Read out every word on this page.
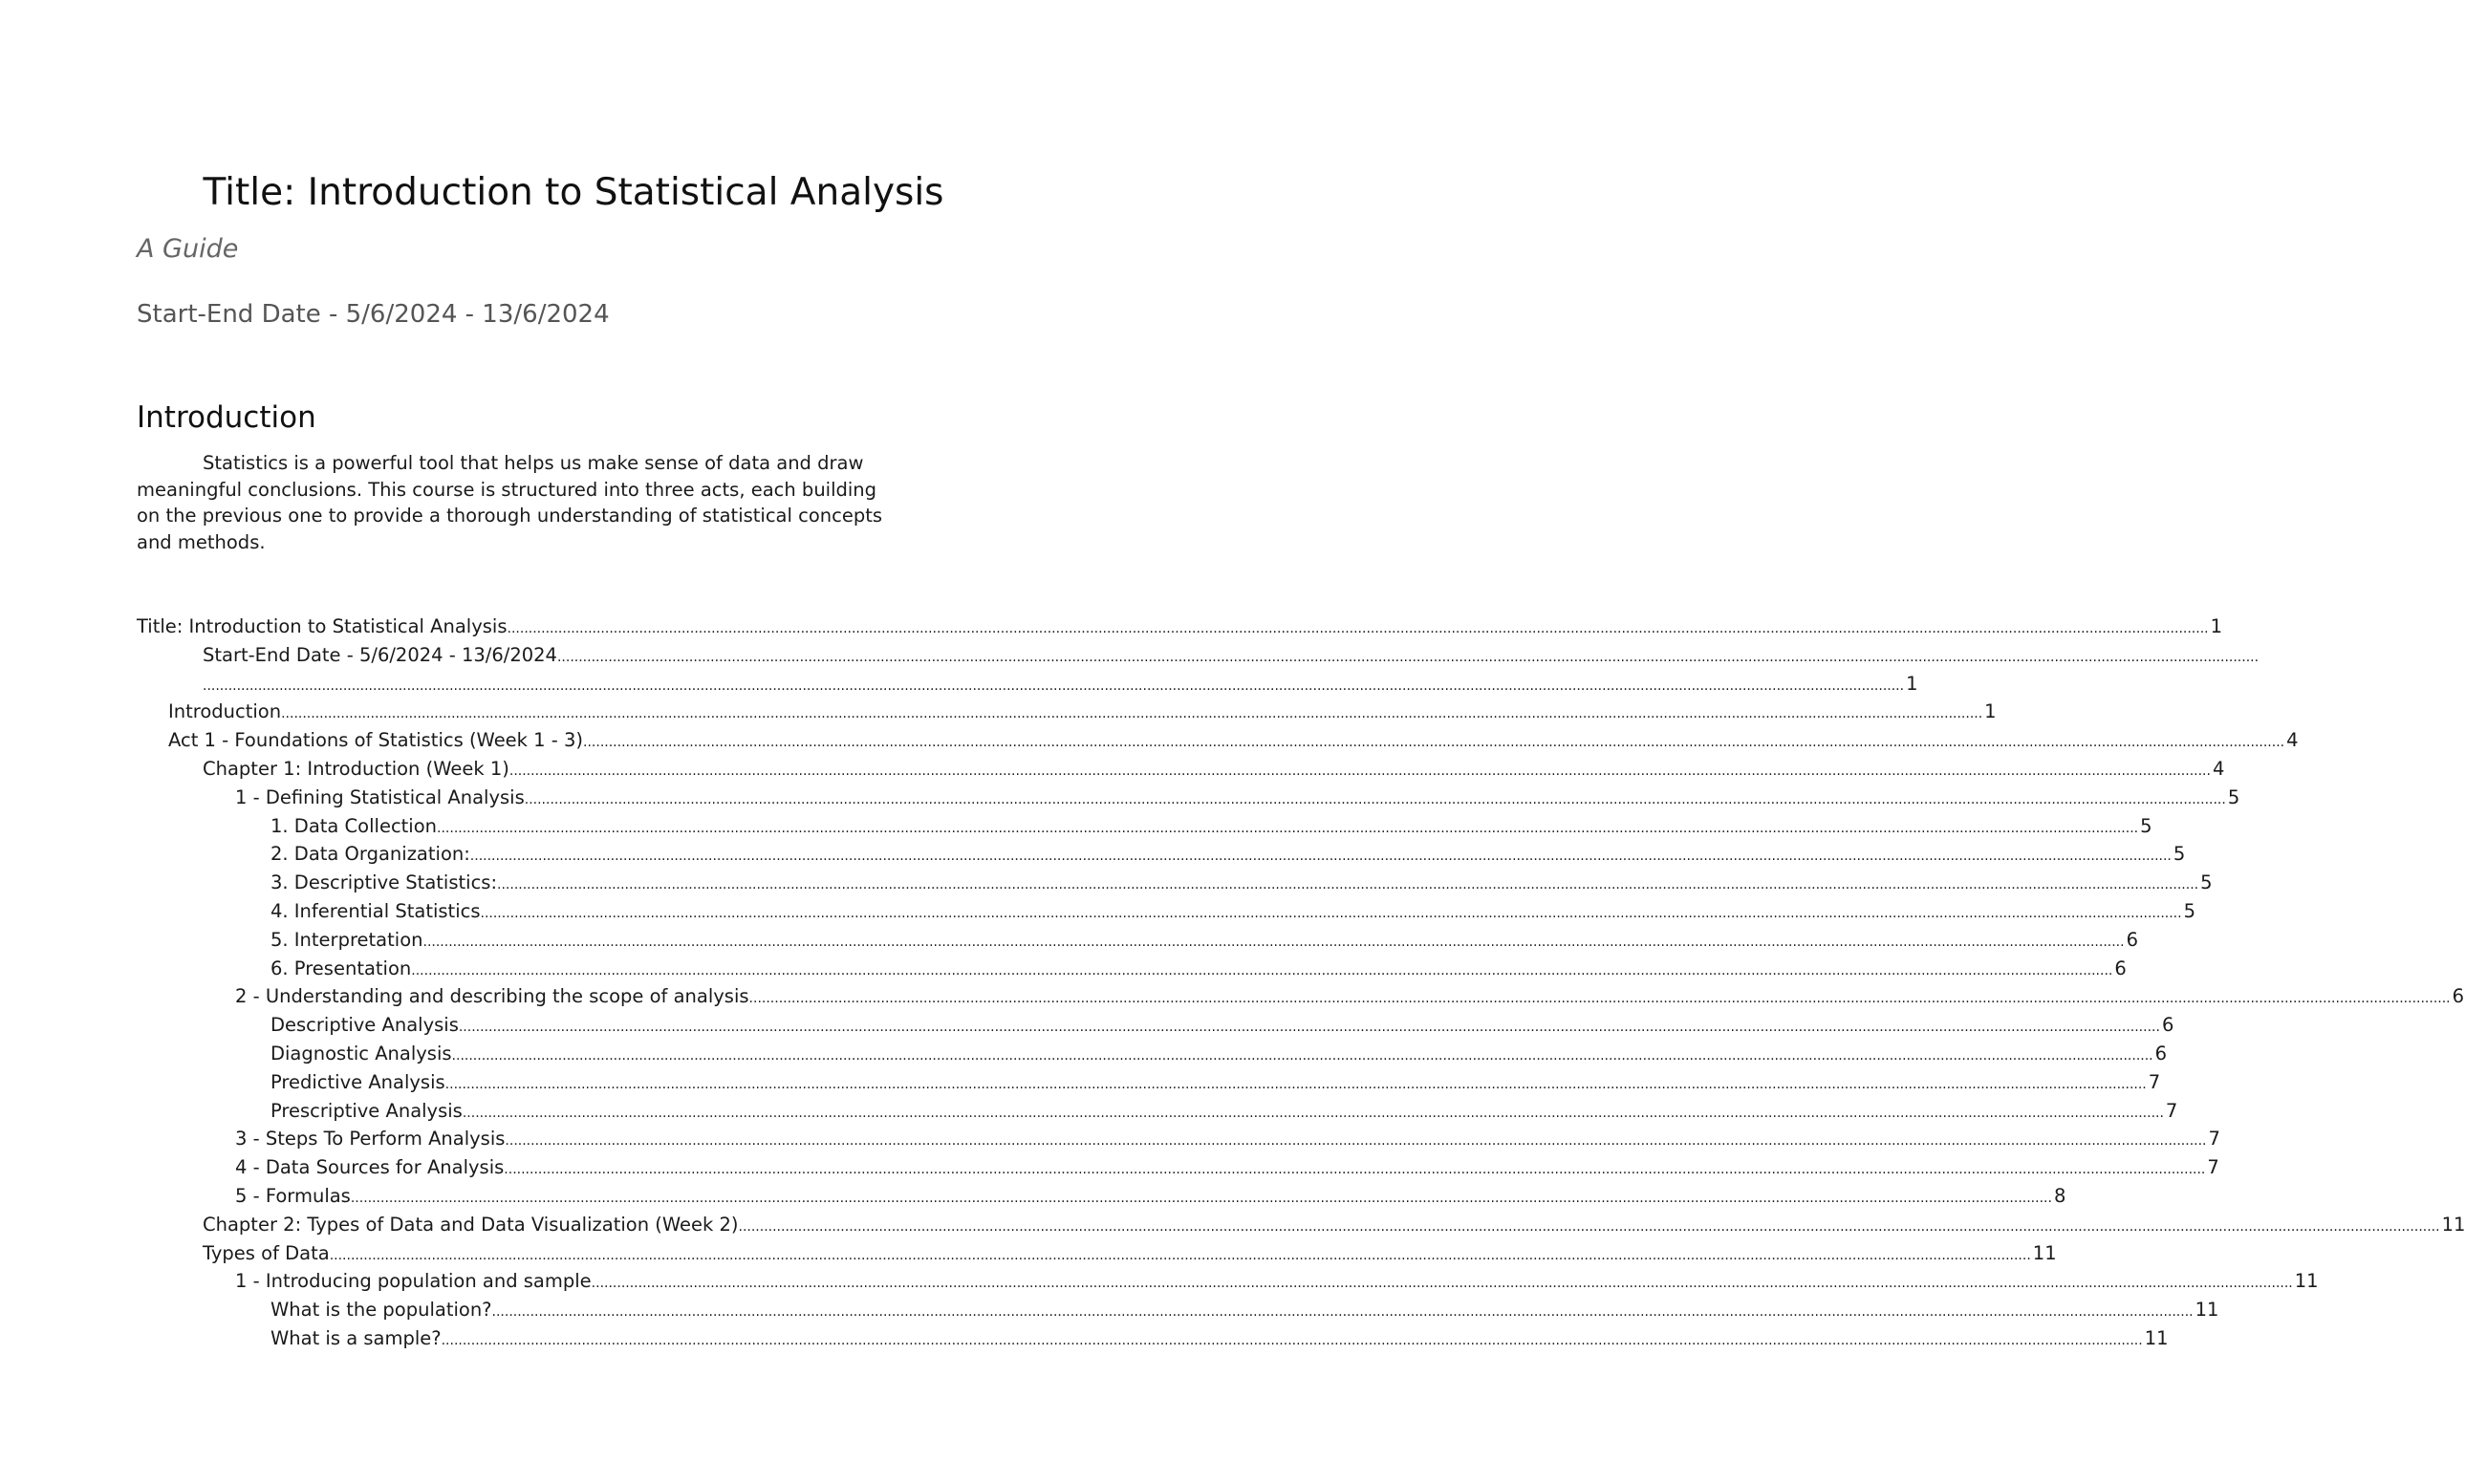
Title: Introduction to Statistical Analysis

A Guide

Start-End Date - 5/6/2024 - 13/6/2024

Introduction

Statistics is a powerful tool that helps us make sense of data and draw
meaningful conclusions. This course is structured into three acts, each building
on the previous one to provide a thorough understanding of statistical concepts
and methods.

Title: Introduction to Statistical Analysis ................................................................................................................................................................................................................................................................................................................................................................................................................ 1
Start-End Date - 5/6/2024 - 13/6/2024 ................................................................................................................................................................................................................................................................................................................................................................................................................
................................................................................................................................................................................................................................................................................................................................................................................................................ 1
Introduction ................................................................................................................................................................................................................................................................................................................................................................................................................ 1
Act 1 - Foundations of Statistics (Week 1 - 3) ................................................................................................................................................................................................................................................................................................................................................................................................................ 4
Chapter 1: Introduction (Week 1) ................................................................................................................................................................................................................................................................................................................................................................................................................ 4
1 - Defining Statistical Analysis ................................................................................................................................................................................................................................................................................................................................................................................................................ 5
1. Data Collection ................................................................................................................................................................................................................................................................................................................................................................................................................ 5
2. Data Organization: ................................................................................................................................................................................................................................................................................................................................................................................................................ 5
3. Descriptive Statistics: ................................................................................................................................................................................................................................................................................................................................................................................................................ 5
4. Inferential Statistics ................................................................................................................................................................................................................................................................................................................................................................................................................ 5
5. Interpretation ................................................................................................................................................................................................................................................................................................................................................................................................................ 6
6. Presentation ................................................................................................................................................................................................................................................................................................................................................................................................................ 6
2 - Understanding and describing the scope of analysis ................................................................................................................................................................................................................................................................................................................................................................................................................ 6
Descriptive Analysis ................................................................................................................................................................................................................................................................................................................................................................................................................ 6
Diagnostic Analysis ................................................................................................................................................................................................................................................................................................................................................................................................................ 6
Predictive Analysis ................................................................................................................................................................................................................................................................................................................................................................................................................ 7
Prescriptive Analysis ................................................................................................................................................................................................................................................................................................................................................................................................................ 7
3 - Steps To Perform Analysis ................................................................................................................................................................................................................................................................................................................................................................................................................ 7
4 - Data Sources for Analysis ................................................................................................................................................................................................................................................................................................................................................................................................................ 7
5 - Formulas ................................................................................................................................................................................................................................................................................................................................................................................................................ 8
Chapter 2: Types of Data and Data Visualization (Week 2) ................................................................................................................................................................................................................................................................................................................................................................................................................ 11
Types of Data ................................................................................................................................................................................................................................................................................................................................................................................................................ 11
1 - Introducing population and sample ................................................................................................................................................................................................................................................................................................................................................................................................................ 11
What is the population? ................................................................................................................................................................................................................................................................................................................................................................................................................ 11
What is a sample? ................................................................................................................................................................................................................................................................................................................................................................................................................ 11
